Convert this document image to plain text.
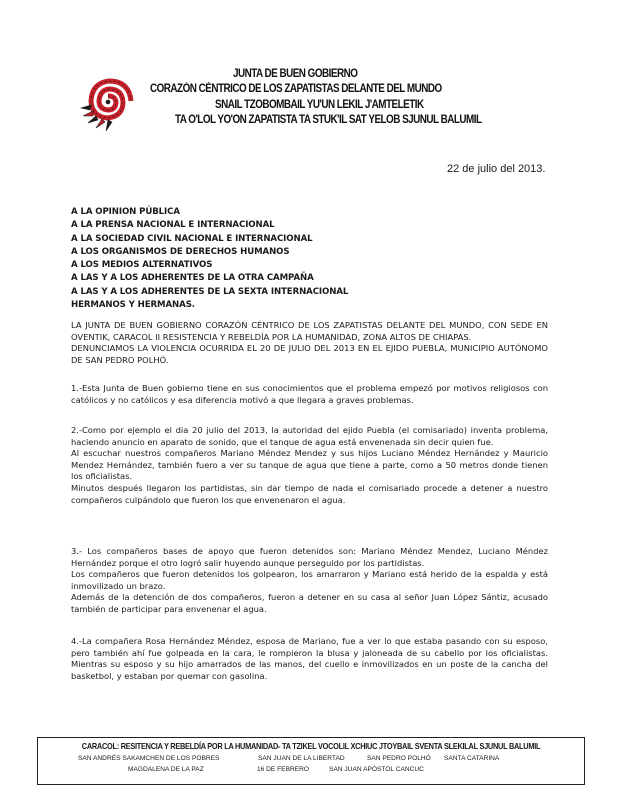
JUNTA DE BUEN GOBIERNO
CORAZÓN CÉNTRICO DE LOS ZAPATISTAS DELANTE DEL MUNDO
SNAIL TZOBOMBAIL YU'UN LEKIL J'AMTELETIK
TA O'LOL YO'ON ZAPATISTA TA STUK'IL SAT YELOB SJUNUL BALUMIL
22 de julio del 2013.
A LA OPINION PÚBLICA
A LA PRENSA NACIONAL E INTERNACIONAL
A LA SOCIEDAD CIVIL NACIONAL E INTERNACIONAL
A LOS ORGANISMOS DE DERECHOS HUMANOS
A LOS MEDIOS ALTERNATIVOS
A LAS Y A LOS ADHERENTES DE LA OTRA CAMPAÑA
A LAS Y A LOS ADHERENTES DE LA SEXTA INTERNACIONAL
HERMANOS Y HERMANAS.

LA JUNTA DE BUEN GOBIERNO CORAZÓN CÉNTRICO DE LOS ZAPATISTAS DELANTE DEL MUNDO, CON SEDE EN OVENTIK, CARACOL II RESISTENCIA Y REBELDÍA POR LA HUMANIDAD, ZONA ALTOS DE CHIAPAS.

DENUNCIAMOS LA VIOLENCIA OCURRIDA EL 20 DE JULIO DEL 2013 EN EL EJIDO PUEBLA, MUNICIPIO AUTÓNOMO DE SAN PEDRO POLHÓ.

1.-Esta Junta de Buen gobierno tiene en sus conocimientos que el problema empezó por motivos religiosos con católicos y no católicos y esa diferencia motivó a que llegara a graves problemas.

2.-Como por ejemplo el dia 20 julio del 2013, la autoridad del ejido Puebla (el comisariado) inventa problema, haciendo anuncio en aparato de sonido, que el tanque de agua está envenenada sin decir quien fue.

Al escuchar nuestros compañeros Mariano Méndez Mendez y sus hijos Luciano Méndez Hernández y Mauricio Mendez Hernández, también fuero a ver su tanque de agua que tiene a parte, como a 50 metros donde tienen los oficialistas.

Minutos después llegaron los partidistas, sin dar tiempo de nada el comisariado procede a detener a nuestro compañeros culpándolo que fueron los que envenenaron el agua.

3.- Los compañeros bases de apoyo que fueron detenidos son: Mariano Méndez Mendez, Luciano Méndez Hernández porque el otro logró salir huyendo aunque perseguido por los partidistas.

Los compañeros que fueron detenidos los golpearon, los amarraron y Mariano está herido de la espalda y está inmovilizado un brazo.

Además de la detención de dos compañeros, fueron a detener en su casa al señor Juan López Sántiz, acusado también de participar para envenenar el agua.

4.-La compañera Rosa Hernández Méndez, esposa de Mariano, fue a ver lo que estaba pasando con su esposo, pero también ahí fue golpeada en la cara, le rompieron la blusa y jaloneada de su cabello por los oficialistas. Mientras su esposo y su hijo amarrados de las manos, del cuello e inmovilizados en un poste de la cancha del basketbol, y estaban por quemar con gasolina.

CARACOL: RESITENCIA Y REBELDÍA POR LA HUMANIDAD- TA TZIKEL VOCOLIL XCHIUC JTOYBAIL SVENTA SLEKILAL SJUNUL BALUMIL
SAN ANDRÉS SAKAMCHEN DE LOS POBRES	SAN JUAN DE LA LIBERTAD	SAN PEDRO POLHÓ SANTA CATARINA
MAGDALENA DE LA PAZ	16 DE FEBRERO	SAN JUAN APÓSTOL CANCUC
